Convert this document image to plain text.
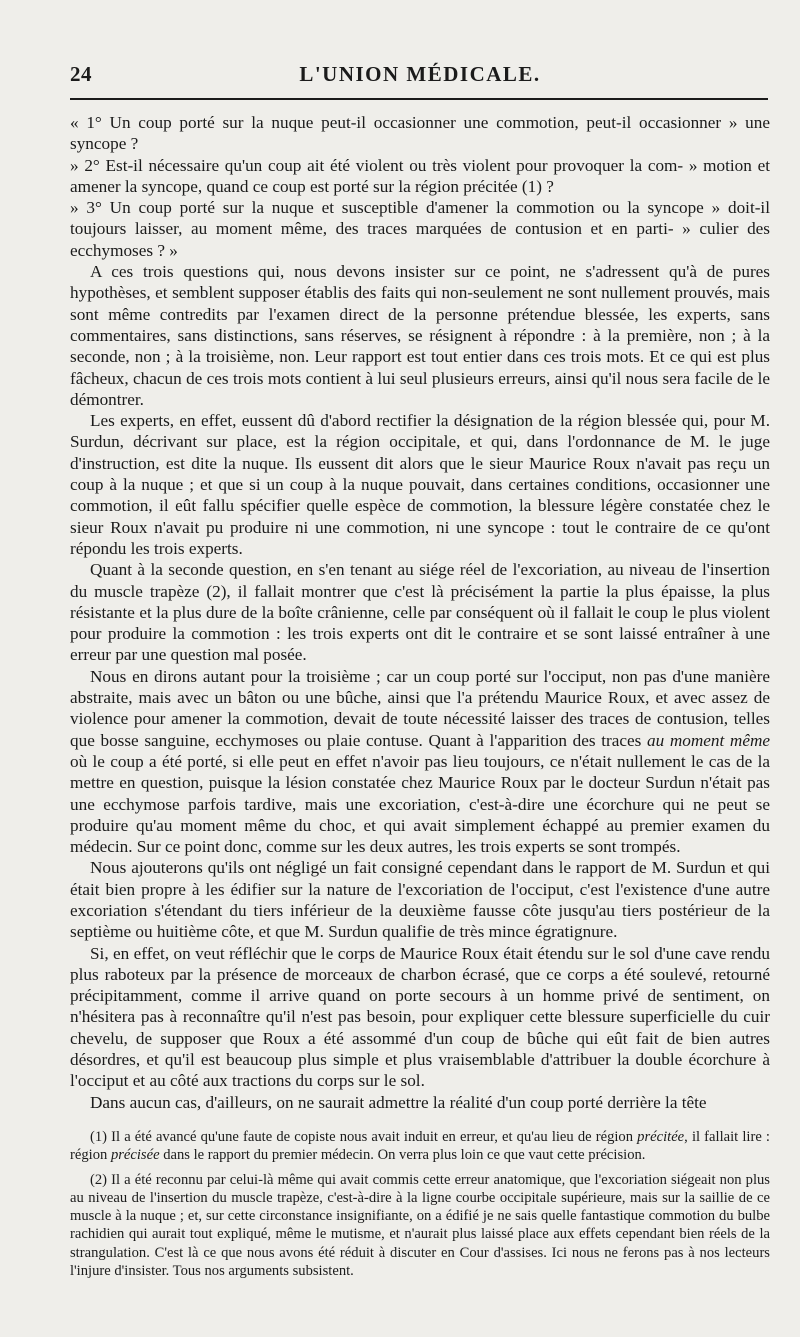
24	L'UNION MÉDICALE.

« 1° Un coup porté sur la nuque peut-il occasionner une commotion, peut-il occasionner » une syncope ?

» 2° Est-il nécessaire qu'un coup ait été violent ou très violent pour provoquer la com- » motion et amener la syncope, quand ce coup est porté sur la région précitée (1) ?

» 3° Un coup porté sur la nuque et susceptible d'amener la commotion ou la syncope » doit-il toujours laisser, au moment même, des traces marquées de contusion et en parti- » culier des ecchymoses ? »

A ces trois questions qui, nous devons insister sur ce point, ne s'adressent qu'à de pures hypothèses, et semblent supposer établis des faits qui non-seulement ne sont nullement prouvés, mais sont même contredits par l'examen direct de la personne prétendue blessée, les experts, sans commentaires, sans distinctions, sans réserves, se résignent à répondre : à la première, non ; à la seconde, non ; à la troisième, non. Leur rapport est tout entier dans ces trois mots. Et ce qui est plus fâcheux, chacun de ces trois mots contient à lui seul plusieurs erreurs, ainsi qu'il nous sera facile de le démontrer.

Les experts, en effet, eussent dû d'abord rectifier la désignation de la région blessée qui, pour M. Surdun, décrivant sur place, est la région occipitale, et qui, dans l'ordonnance de M. le juge d'instruction, est dite la nuque. Ils eussent dit alors que le sieur Maurice Roux n'avait pas reçu un coup à la nuque ; et que si un coup à la nuque pouvait, dans certaines conditions, occasionner une commotion, il eût fallu spécifier quelle espèce de commotion, la blessure légère constatée chez le sieur Roux n'avait pu produire ni une commotion, ni une syncope : tout le contraire de ce qu'ont répondu les trois experts.

Quant à la seconde question, en s'en tenant au siége réel de l'excoriation, au niveau de l'insertion du muscle trapèze (2), il fallait montrer que c'est là précisément la partie la plus épaisse, la plus résistante et la plus dure de la boîte crânienne, celle par conséquent où il fallait le coup le plus violent pour produire la commotion : les trois experts ont dit le contraire et se sont laissé entraîner à une erreur par une question mal posée.

Nous en dirons autant pour la troisième ; car un coup porté sur l'occiput, non pas d'une manière abstraite, mais avec un bâton ou une bûche, ainsi que l'a prétendu Maurice Roux, et avec assez de violence pour amener la commotion, devait de toute nécessité laisser des traces de contusion, telles que bosse sanguine, ecchymoses ou plaie contuse. Quant à l'apparition des traces au moment même où le coup a été porté, si elle peut en effet n'avoir pas lieu toujours, ce n'était nullement le cas de la mettre en question, puisque la lésion constatée chez Maurice Roux par le docteur Surdun n'était pas une ecchymose parfois tardive, mais une excoriation, c'est-à-dire une écorchure qui ne peut se produire qu'au moment même du choc, et qui avait simplement échappé au premier examen du médecin. Sur ce point donc, comme sur les deux autres, les trois experts se sont trompés.

Nous ajouterons qu'ils ont négligé un fait consigné cependant dans le rapport de M. Surdun et qui était bien propre à les édifier sur la nature de l'excoriation de l'occiput, c'est l'existence d'une autre excoriation s'étendant du tiers inférieur de la deuxième fausse côte jusqu'au tiers postérieur de la septième ou huitième côte, et que M. Surdun qualifie de très mince égratignure.

Si, en effet, on veut réfléchir que le corps de Maurice Roux était étendu sur le sol d'une cave rendu plus raboteux par la présence de morceaux de charbon écrasé, que ce corps a été soulevé, retourné précipitamment, comme il arrive quand on porte secours à un homme privé de sentiment, on n'hésitera pas à reconnaître qu'il n'est pas besoin, pour expliquer cette blessure superficielle du cuir chevelu, de supposer que Roux a été assommé d'un coup de bûche qui eût fait de bien autres désordres, et qu'il est beaucoup plus simple et plus vraisemblable d'attribuer la double écorchure à l'occiput et au côté aux tractions du corps sur le sol.

Dans aucun cas, d'ailleurs, on ne saurait admettre la réalité d'un coup porté derrière la tête

(1) Il a été avancé qu'une faute de copiste nous avait induit en erreur, et qu'au lieu de région précitée, il fallait lire : région précisée dans le rapport du premier médecin. On verra plus loin ce que vaut cette précision.

(2) Il a été reconnu par celui-là même qui avait commis cette erreur anatomique, que l'excoriation siégeait non plus au niveau de l'insertion du muscle trapèze, c'est-à-dire à la ligne courbe occipitale supérieure, mais sur la saillie de ce muscle à la nuque ; et, sur cette circonstance insignifiante, on a édifié je ne sais quelle fantastique commotion du bulbe rachidien qui aurait tout expliqué, même le mutisme, et n'aurait plus laissé place aux effets cependant bien réels de la strangulation. C'est là ce que nous avons été réduit à discuter en Cour d'assises. Ici nous ne ferons pas à nos lecteurs l'injure d'insister. Tous nos arguments subsistent.
